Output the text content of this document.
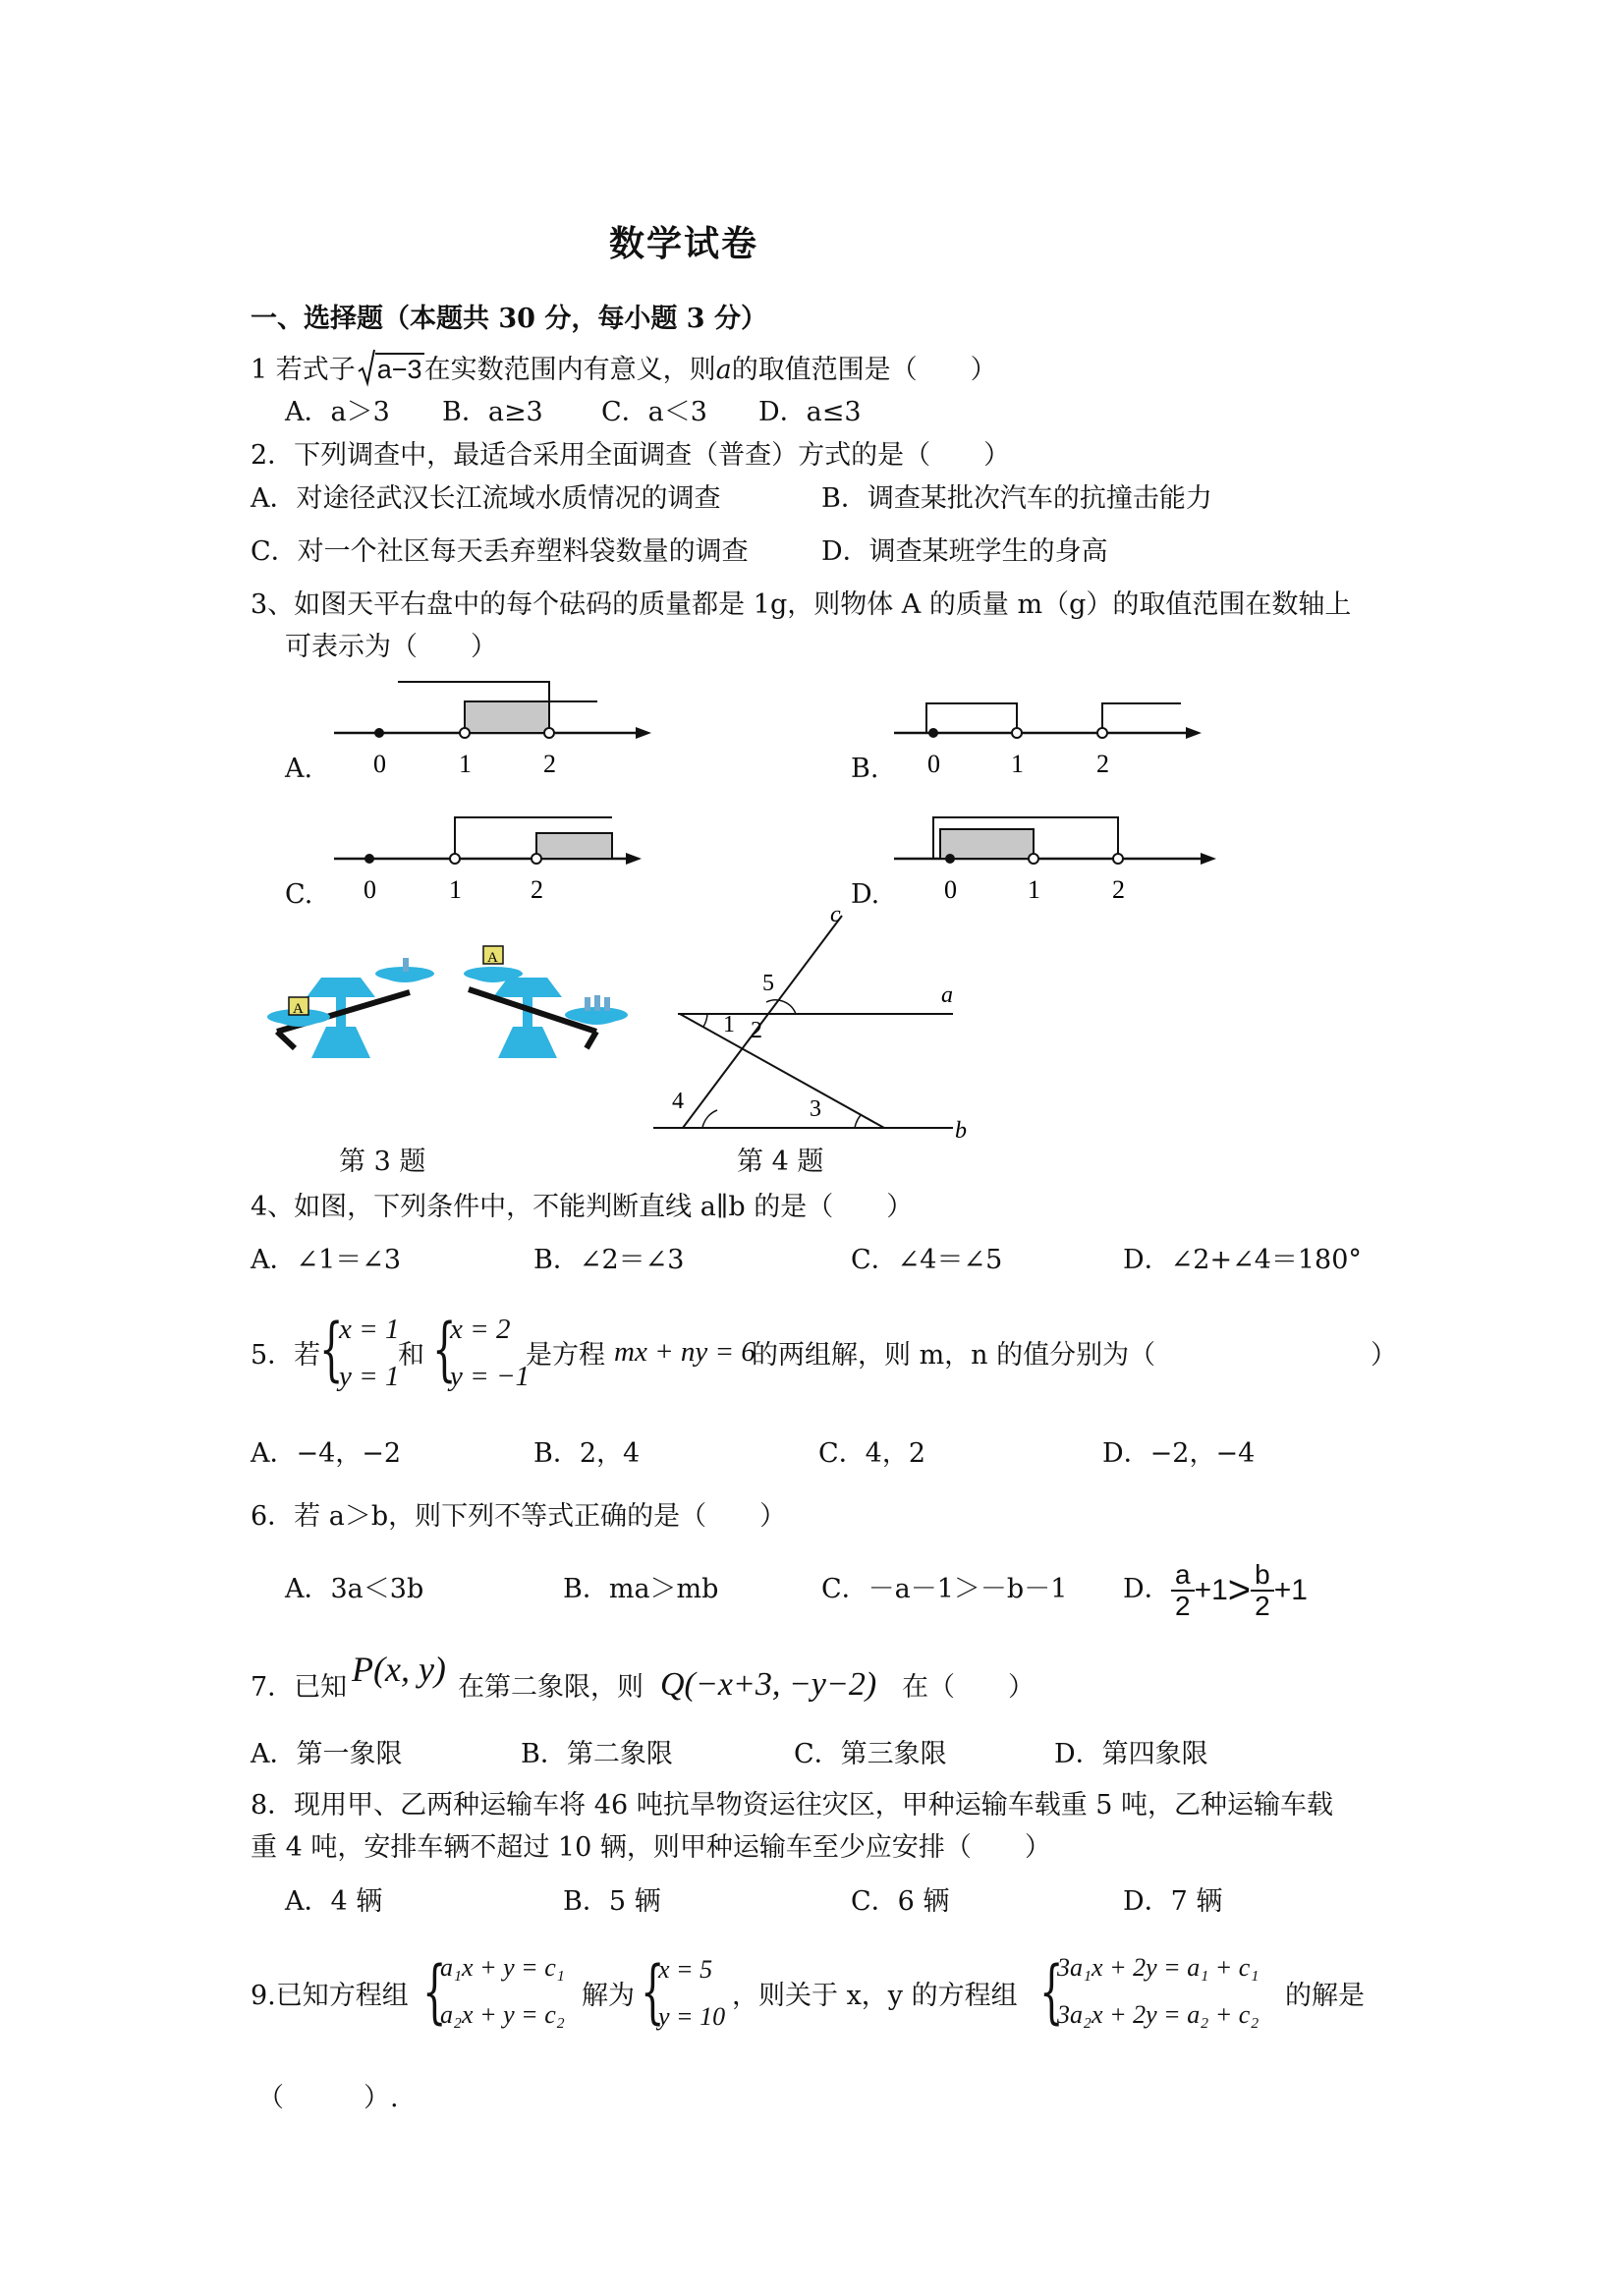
数学试卷
一、选择题（本题共 30 分，每小题 3 分）
1 若式子 a−3在实数范围内有意义，则a的取值范围是（　　）
A．a＞3 B．a≥3 C．a＜3 D．a≤3
2．下列调查中，最适合采用全面调查（普查）方式的是（　　）
A．对途径武汉长江流域水质情况的调查	B．调查某批次汽车的抗撞击能力
C．对一个社区每天丢弃塑料袋数量的调查	D．调查某班学生的身高
3、如图天平右盘中的每个砝码的质量都是 1g，则物体 A 的质量 m（g）的取值范围在数轴上
可表示为（　　）
A. 0	1	2	B. 0	1	2
C. 0	1	2	D.	0	1	2
A
A
第 3 题
c
a
b
1 2
3
4
5
第 4 题
4、如图，下列条件中，不能判断直线 a∥b 的是（　　）
A．∠1＝∠3	B．∠2＝∠3	C．∠4＝∠5	D．∠2+∠4＝180°
5．若
{
x = 1
y = 1
和 {
x = 2
y = −1
是方程 mx + ny = 6
的两组解，则 m，n 的值分别为（	）
A．−4，−2	B．2，4	C．4，2	D．−2，−4
6．若 a＞b，则下列不等式正确的是（　　）
A．3a＜3b	B．ma＞mb	C．－a－1＞－b－1 D． $\frac{a}{2} +1> \frac{b}{2} +1$
7．已知 P(x, y) 在第二象限，则 Q(−x+3, −y−2) 在（　　）
A．第一象限	B．第二象限	C．第三象限	D．第四象限
8．现用甲、乙两种运输车将 46 吨抗旱物资运往灾区，甲种运输车载重 5 吨，乙种运输车载
重 4 吨，安排车辆不超过 10 辆，则甲种运输车至少应安排（　　）
A．4 辆	B．5 辆	C．6 辆	D．7 辆
9.已知方程组 {
a₁x + y = c₁
a₂x + y = c₂
解为 {
x = 5
y = 10
，则关于 x，y 的方程组 {
3a₁x + 2y = a₁ + c₁
3a₂x + 2y = a₂ + c₂
的解是
（　　　）.
